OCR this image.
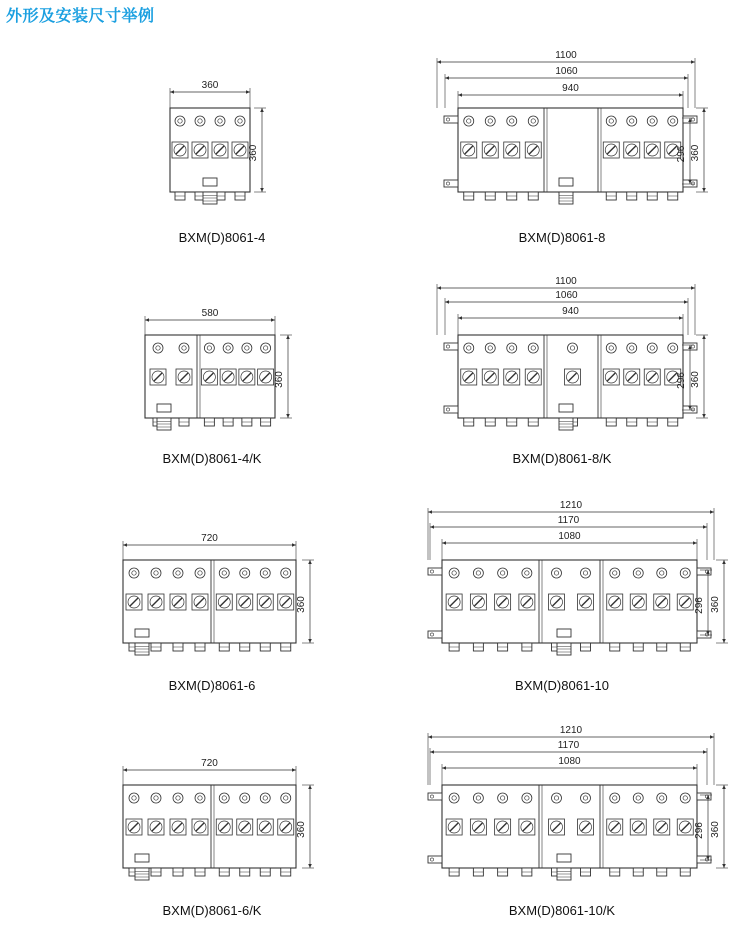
外形及安装尺寸举例
360
360
BXM(D)8061-4
1100
1060
940
360
296
BXM(D)8061-8
580
360
BXM(D)8061-4/K
1100
1060
940
360
296
BXM(D)8061-8/K
720
360
BXM(D)8061-6
1210
1170
1080
360
296
BXM(D)8061-10
720
360
BXM(D)8061-6/K
1210
1170
1080
360
296
BXM(D)8061-10/K
